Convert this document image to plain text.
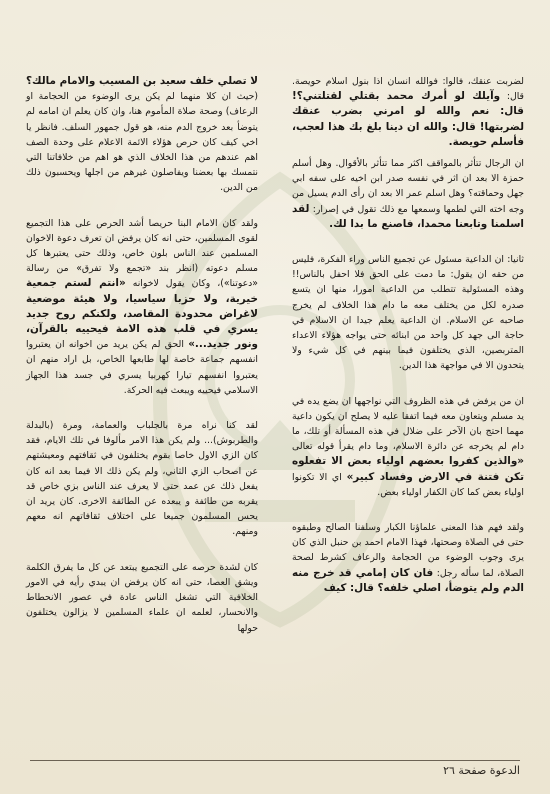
لضربت عنقك، فالوا: فوالله انسان اذا بنول اسلام حويصة. قال: وآيلك لو أمرك محمد بقتلي لقتلتني؟! قال: نعم والله لو امرني بضرب عنقك لضربتها! قال: والله ان دينا بلغ بك هذا لعجب، فأسلم حويصة.

ان الرجال تتأثر بالمواقف اكثر مما تتأثر بالأقوال. وهل أسلم حمزة الا بعد ان اثر في نفسه صدر ابن اخيه على سفه ابي جهل وحماقته؟ وهل اسلم عمر الا بعد ان رأى الدم يسيل من وجه اخته التي لطمها وسمعها مع ذلك تقول في إصرار: لقد اسلمنا وتابعنا محمدا، فاصنع ما بدا لك.

ثانيا: ان الداعية مسئول عن تجميع الناس وراء الفكرة، فليس من حقه ان يقول: ما دمت على الحق فلا احفل بالناس!! وهذه المسئولية تتطلب من الداعية امورا، منها ان يتسع صدره لكل من يختلف معه ما دام هذا الخلاف لم يخرج صاحبه عن الاسلام. ان الداعية يعلم جيدا ان الاسلام في حاجة الى جهد كل واحد من ابنائه حتى يواجه هؤلاء الاعداء المتربصين، الذي يختلفون فيما بينهم في كل شيء ولا يتحدون الا في مواجهة هذا الدين.

ان من يرفض في هذه الظروف التي نواجهها ان يضع يده في يد مسلم ويتعاون معه فيما اتفقا عليه لا يصلح ان يكون داعية مهما احتج بان الآخر على ضلال في هذه المسألة أو تلك، ما دام لم يخرجه عن دائرة الاسلام، وما دام يقرأ قوله تعالى «والذين كفروا بعضهم اولياء بعض الا تفعلوه تكن فتنة في الارض وفساد كبير» اي الا تكونوا اولياء بعض كما كان الكفار اولياء بعض.

ولقد فهم هذا المعنى علماؤنا الكبار وسلفنا الصالح وطبقوه حتى في الصلاة وصحتها، فهذا الامام احمد بن حنبل الذي كان يرى وجوب الوضوء من الحجامة والرعاف كشرط لصحة الصلاة، لما سأله رجل: فان كان إمامي قد خرج منه الدم ولم يتوضأ، اصلي خلفه؟ قال: كيف

لا تصلي خلف سعيد بن المسيب والامام مالك؟ (حيث ان كلا منهما لم يكن يرى الوضوء من الحجامة او الرعاف) وصحة صلاة المأموم هنا، وان كان يعلم ان امامه لم يتوضأ بعد خروج الدم منه، هو قول جمهور السلف. فانظر يا اخي كيف كان حرص هؤلاء الائمة الاعلام على وحدة الصف اهم عندهم من هذا الخلاف الذي هو اهم من خلافاتنا التي نتمسك بها بعضنا ويفاصلون غيرهم من اجلها ويحسبون ذلك من الدين.

ولقد كان الامام البنا حريصا أشد الحرص على هذا التجميع لقوى المسلمين، حتى انه كان يرفض ان تعرف دعوة الاخوان المسلمين عند الناس بلون خاص، وذلك حتى يعتبرها كل مسلم دعوته (انظر بند «تجمع ولا تفرق» من رسالة «دعوتنا»)، وكان يقول لاخوانه «انتم لستم جمعية خيرية، ولا حزبا سياسيا، ولا هيئة موضعية لاغراض محدودة المقاصد، ولكنكم روح جديد يسري في قلب هذه الامة فيحييه بالقرآن، ونور جديد...» الحق لم يكن يريد من اخوانه ان يعتبروا انفسهم جماعة خاصة لها طابعها الخاص، بل اراد منهم ان يعتبروا انفسهم تيارا كهربيا يسري في جسد هذا الجهاز الاسلامي فيحييه ويبعث فيه الحركة.

لقد كنا نراه مرة بالجلباب والعمامة، ومرة (بالبدلة والطربوش)... ولم يكن هذا الامر مألوفا في تلك الايام، فقد كان الزي الاول خاصا بقوم يختلفون في ثقافتهم ومعيشتهم عن اصحاب الزي الثاني، ولم يكن ذلك الا فيما بعد انه كان يفعل ذلك عن عمد حتى لا يعرف عند الناس بزي خاص قد يقربه من طائفة و يبعده عن الطائفة الاخرى. كان يريد ان يحس المسلمون جميعا على اختلاف ثقافاتهم انه معهم ومنهم.

كان لشدة حرصه على التجميع يبتعد عن كل ما يفرق الكلمة ويشق العصا، حتى انه كان يرفض ان يبدي رأيه في الامور الخلافية التي تشغل الناس عادة في عصور الانحطاط والانحسار، لعلمه ان علماء المسلمين لا يزالون يختلفون حولها

الدعوة صفحة ٢٦
